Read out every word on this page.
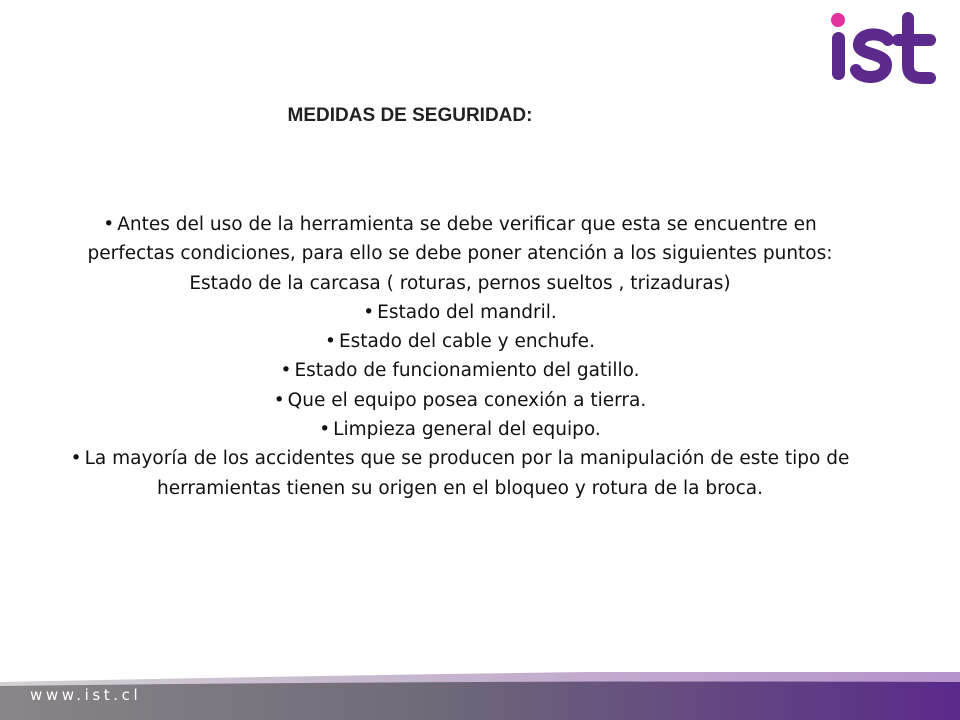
MEDIDAS DE SEGURIDAD:
• Antes del uso de la herramienta se debe verificar que esta se encuentre en
perfectas condiciones, para ello se debe poner atención a los siguientes puntos:
Estado de la carcasa ( roturas, pernos sueltos , trizaduras)
• Estado del mandril.
• Estado del cable y enchufe.
• Estado de funcionamiento del gatillo.
• Que el equipo posea conexión a tierra.
• Limpieza general del equipo.
• La mayoría de los accidentes que se producen por la manipulación de este tipo de
herramientas tienen su origen en el bloqueo y rotura de la broca.
www.ist.cl
